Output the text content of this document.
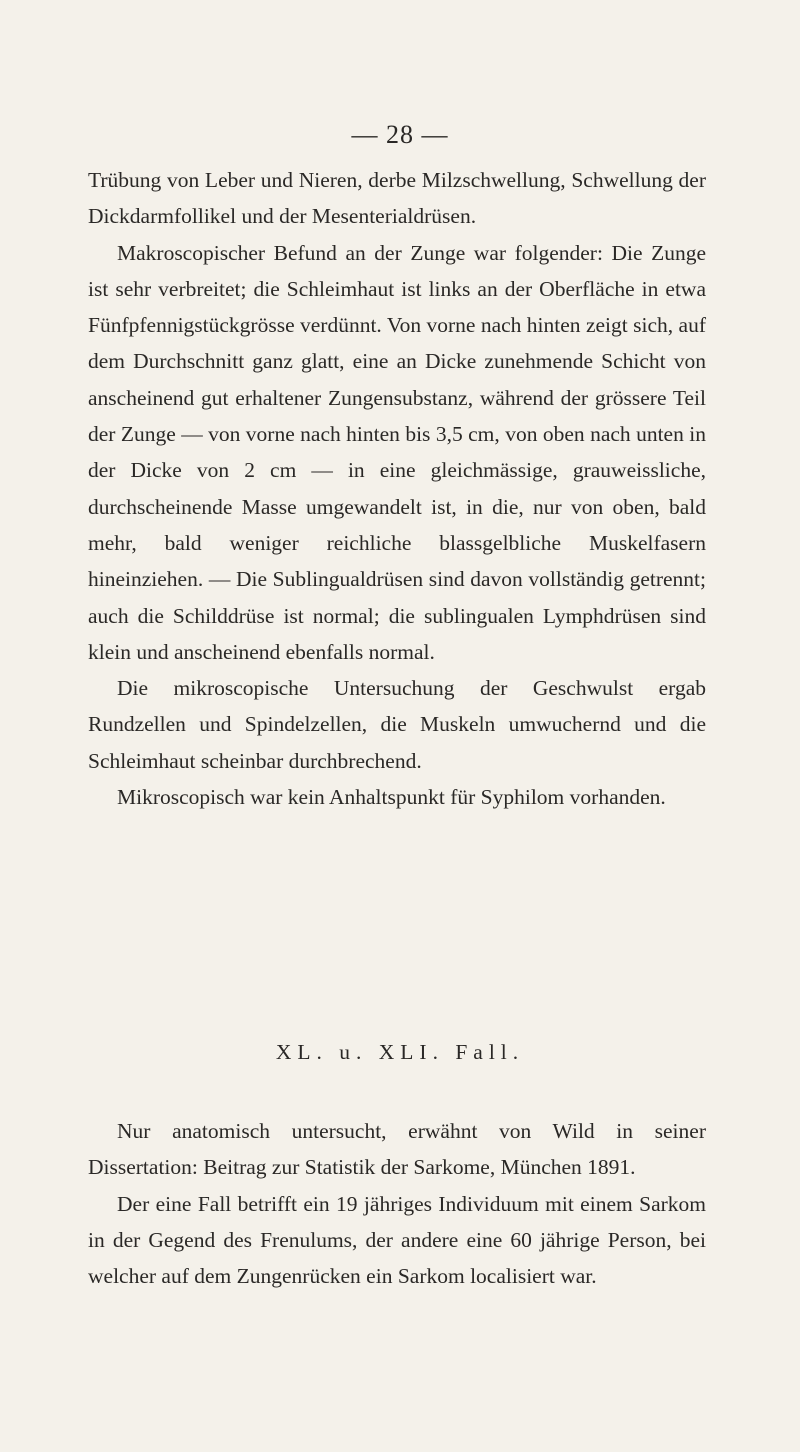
— 28 —

Trübung von Leber und Nieren, derbe Milzschwellung, Schwellung der Dickdarmfollikel und der Mesenterialdrüsen.

Makroscopischer Befund an der Zunge war folgender: Die Zunge ist sehr verbreitet; die Schleimhaut ist links an der Oberfläche in etwa Fünfpfennigstückgrösse verdünnt. Von vorne nach hinten zeigt sich, auf dem Durchschnitt ganz glatt, eine an Dicke zunehmende Schicht von anscheinend gut erhaltener Zungensubstanz, während der grössere Teil der Zunge — von vorne nach hinten bis 3,5 cm, von oben nach unten in der Dicke von 2 cm — in eine gleichmässige, grauweissliche, durchscheinende Masse umgewandelt ist, in die, nur von oben, bald mehr, bald weniger reichliche blassgelbliche Muskelfasern hineinziehen. — Die Sublingualdrüsen sind davon vollständig getrennt; auch die Schilddrüse ist normal; die sublingualen Lymphdrüsen sind klein und anscheinend ebenfalls normal.

Die mikroscopische Untersuchung der Geschwulst ergab Rundzellen und Spindelzellen, die Muskeln umwuchernd und die Schleimhaut scheinbar durchbrechend.

Mikroscopisch war kein Anhaltspunkt für Syphilom vorhanden.

XL. u. XLI. Fall.

Nur anatomisch untersucht, erwähnt von Wild in seiner Dissertation: Beitrag zur Statistik der Sarkome, München 1891.

Der eine Fall betrifft ein 19 jähriges Individuum mit einem Sarkom in der Gegend des Frenulums, der andere eine 60 jährige Person, bei welcher auf dem Zungenrücken ein Sarkom localisiert war.
